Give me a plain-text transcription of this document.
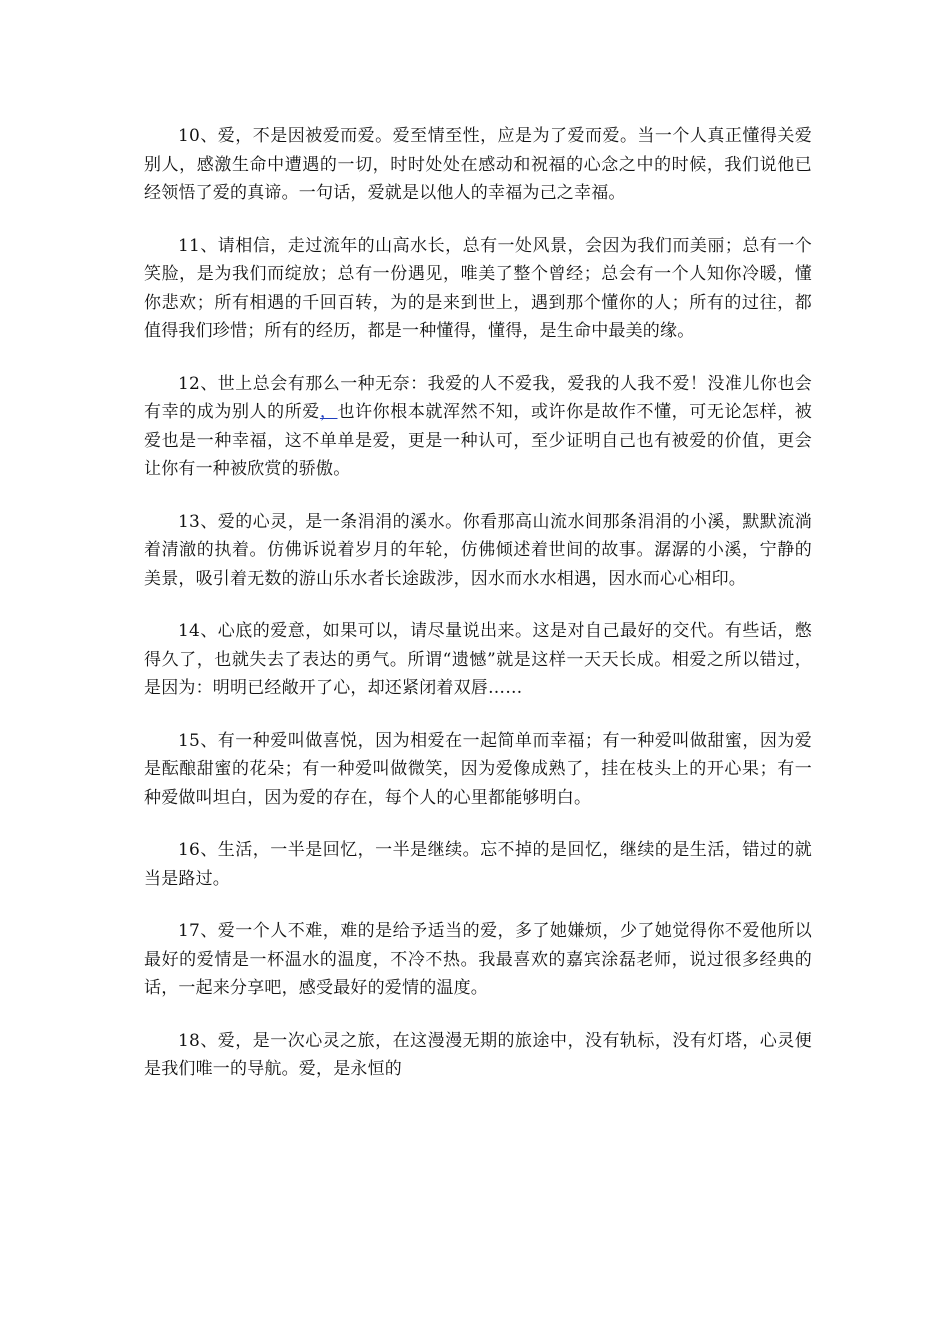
10、爱，不是因被爱而爱。爱至情至性，应是为了爱而爱。当一个人真正懂得关爱别人，感激生命中遭遇的一切，时时处处在感动和祝福的心念之中的时候，我们说他已经领悟了爱的真谛。一句话，爱就是以他人的幸福为己之幸福。

11、请相信，走过流年的山高水长，总有一处风景，会因为我们而美丽；总有一个笑脸，是为我们而绽放；总有一份遇见，唯美了整个曾经；总会有一个人知你冷暖，懂你悲欢；所有相遇的千回百转，为的是来到世上，遇到那个懂你的人；所有的过往，都值得我们珍惜；所有的经历，都是一种懂得，懂得，是生命中最美的缘。

12、世上总会有那么一种无奈：我爱的人不爱我，爱我的人我不爱！没准儿你也会有幸的成为别人的所爱，也许你根本就浑然不知，或许你是故作不懂，可无论怎样，被爱也是一种幸福，这不单单是爱，更是一种认可，至少证明自己也有被爱的价值，更会让你有一种被欣赏的骄傲。

13、爱的心灵，是一条涓涓的溪水。你看那高山流水间那条涓涓的小溪，默默流淌着清澈的执着。仿佛诉说着岁月的年轮，仿佛倾述着世间的故事。潺潺的小溪，宁静的美景，吸引着无数的游山乐水者长途跋涉，因水而水水相遇，因水而心心相印。

14、心底的爱意，如果可以，请尽量说出来。这是对自己最好的交代。有些话，憋得久了，也就失去了表达的勇气。所谓“遗憾”就是这样一天天长成。相爱之所以错过，是因为：明明已经敞开了心，却还紧闭着双唇……

15、有一种爱叫做喜悦，因为相爱在一起简单而幸福；有一种爱叫做甜蜜，因为爱是酝酿甜蜜的花朵；有一种爱叫做微笑，因为爱像成熟了，挂在枝头上的开心果；有一种爱做叫坦白，因为爱的存在，每个人的心里都能够明白。

16、生活，一半是回忆，一半是继续。忘不掉的是回忆，继续的是生活，错过的就当是路过。

17、爱一个人不难，难的是给予适当的爱，多了她嫌烦，少了她觉得你不爱他所以最好的爱情是一杯温水的温度，不冷不热。我最喜欢的嘉宾涂磊老师，说过很多经典的话，一起来分享吧，感受最好的爱情的温度。

18、爱，是一次心灵之旅，在这漫漫无期的旅途中，没有轨标，没有灯塔，心灵便是我们唯一的导航。爱，是永恒的
